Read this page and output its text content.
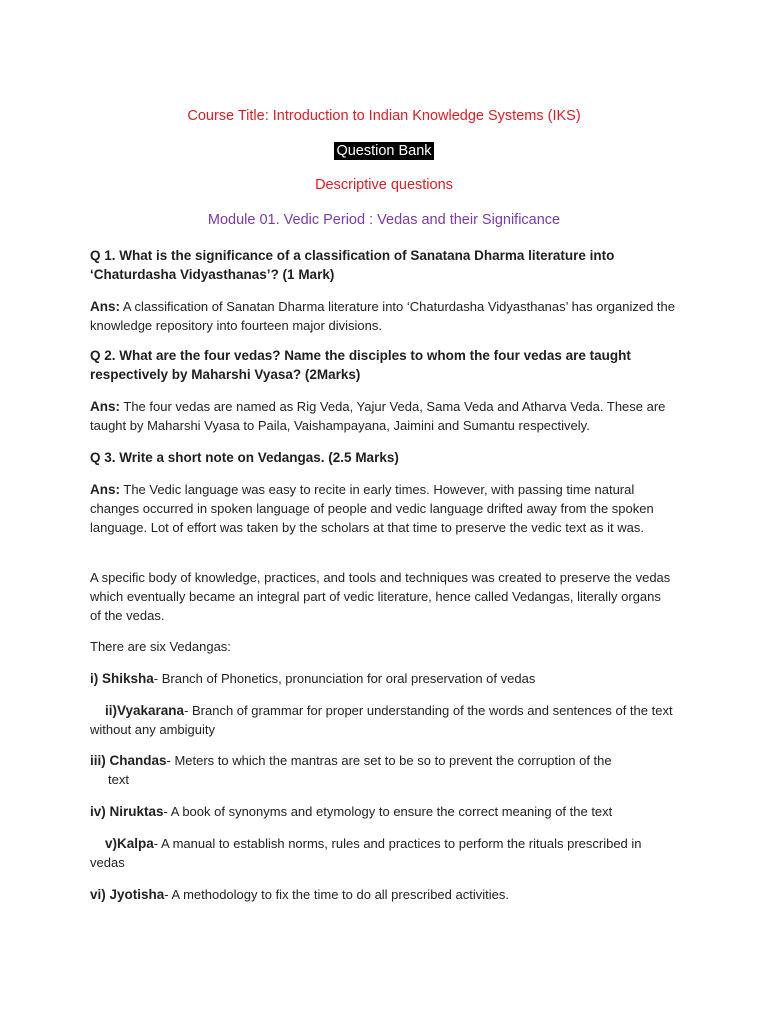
Course Title: Introduction to Indian Knowledge Systems (IKS)
Question Bank
Descriptive questions
Module 01. Vedic Period : Vedas and their Significance
Q 1. What is the significance of a classification of Sanatana Dharma literature into ‘Chaturdasha Vidyasthanas’? (1 Mark)
Ans: A classification of Sanatan Dharma literature into ‘Chaturdasha Vidyasthanas’ has organized the knowledge repository into fourteen major divisions.
Q 2. What are the four vedas? Name the disciples to whom the four vedas are taught respectively by Maharshi Vyasa? (2Marks)
Ans: The four vedas are named as Rig Veda, Yajur Veda, Sama Veda and Atharva Veda. These are taught by Maharshi Vyasa to Paila, Vaishampayana, Jaimini and Sumantu respectively.
Q 3. Write a short note on Vedangas. (2.5 Marks)
Ans: The Vedic language was easy to recite in early times. However, with passing time natural changes occurred in spoken language of people and vedic language drifted away from the spoken language. Lot of effort was taken by the scholars at that time to preserve the vedic text as it was.
A specific body of knowledge, practices, and tools and techniques was created to preserve the vedas which eventually became an integral part of vedic literature, hence called Vedangas, literally organs of the vedas.
There are six Vedangas:
i) Shiksha- Branch of Phonetics, pronunciation for oral preservation of vedas
ii)Vyakarana- Branch of grammar for proper understanding of the words and sentences of the text without any ambiguity
iii) Chandas- Meters to which the mantras are set to be so to prevent the corruption of the
text
iv) Niruktas- A book of synonyms and etymology to ensure the correct meaning of the text
v)Kalpa- A manual to establish norms, rules and practices to perform the rituals prescribed in vedas
vi) Jyotisha- A methodology to fix the time to do all prescribed activities.
